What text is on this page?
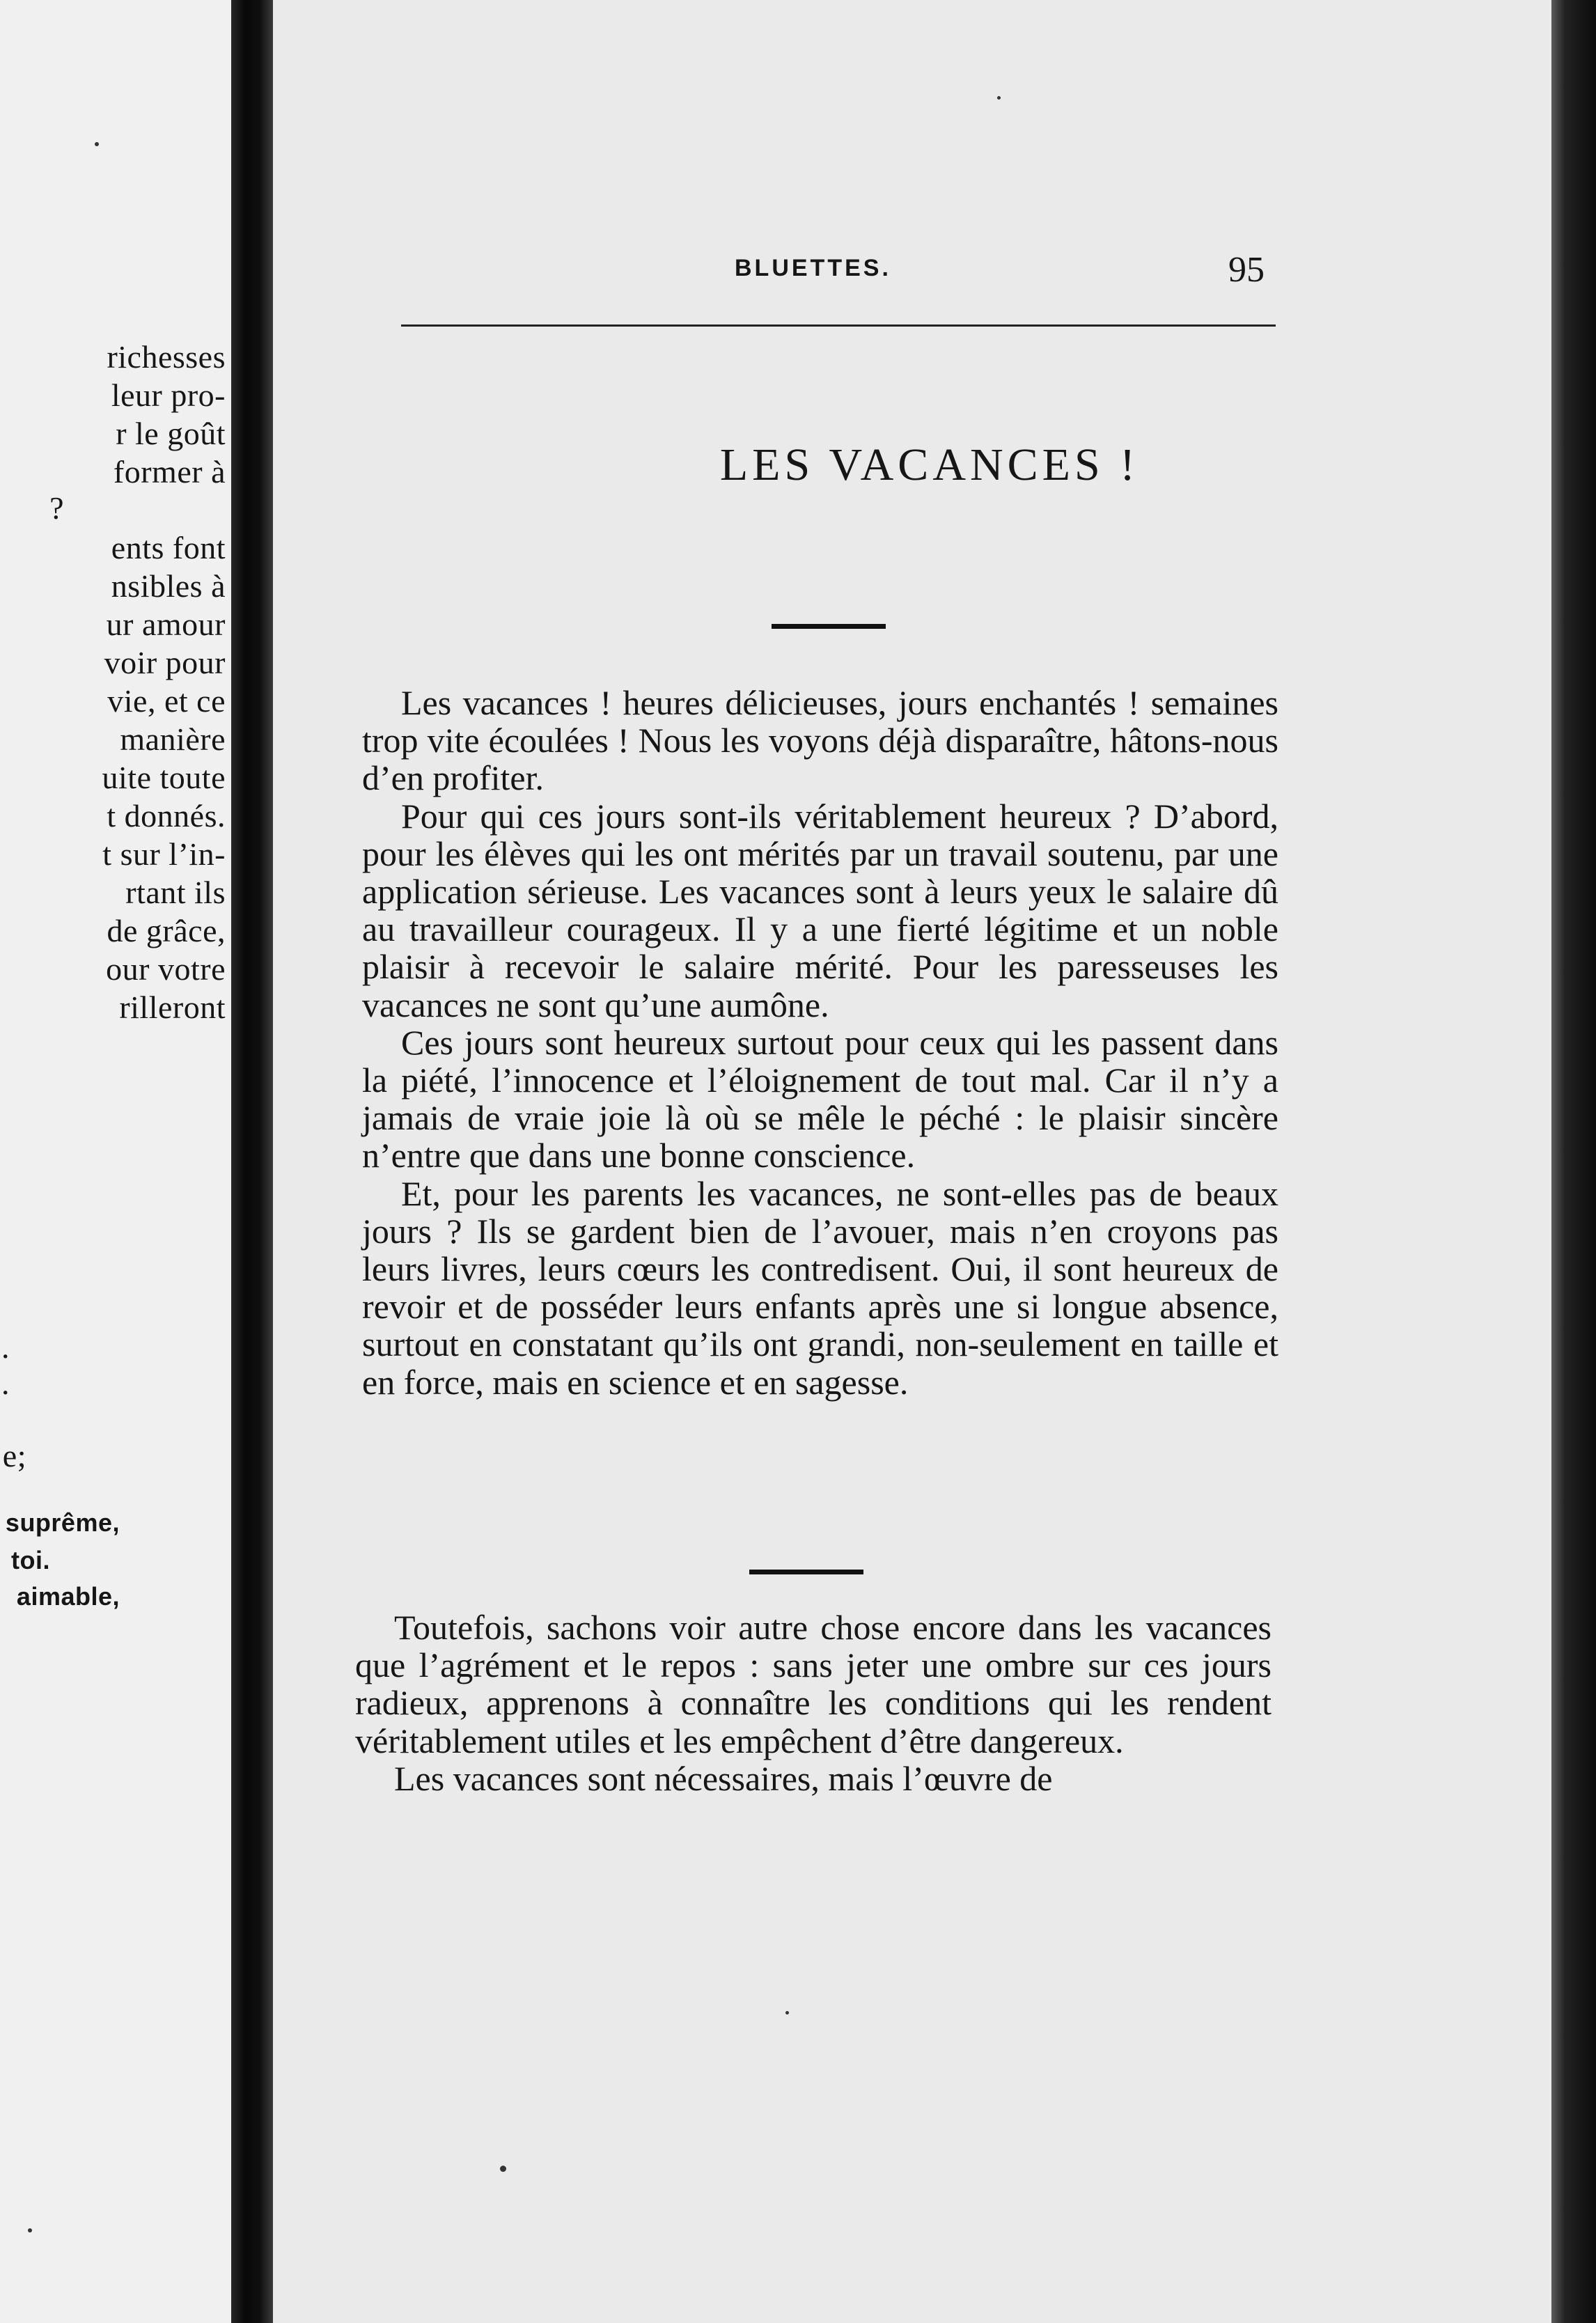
richesses
leur pro-
r le goût
former à
?
ents font
nsibles à
ur amour
voir pour
vie, et ce
manière
uite toute
t donnés.
t sur l’in-
rtant ils
de grâce,
our votre
rilleront
.
.
e;
suprême,
toi.
aimable,
BLUETTES.	95
LES VACANCES !

Les vacances ! heures délicieuses, jours enchantés ! semaines trop vite écoulées ! Nous les voyons déjà disparaître, hâtons-nous d’en profiter.

Pour qui ces jours sont-ils véritablement heureux ? D’abord, pour les élèves qui les ont mérités par un travail soutenu, par une application sérieuse. Les vacances sont à leurs yeux le salaire dû au travailleur courageux. Il y a une fierté légitime et un noble plaisir à recevoir le salaire mérité. Pour les paresseuses les vacances ne sont qu’une aumône.

Ces jours sont heureux surtout pour ceux qui les passent dans la piété, l’innocence et l’éloignement de tout mal. Car il n’y a jamais de vraie joie là où se mêle le péché : le plaisir sincère n’entre que dans une bonne conscience.

Et, pour les parents les vacances, ne sont-elles pas de beaux jours ? Ils se gardent bien de l’avouer, mais n’en croyons pas leurs livres, leurs cœurs les contredisent. Oui, il sont heureux de revoir et de posséder leurs enfants après une si longue absence, surtout en constatant qu’ils ont grandi, non-seulement en taille et en force, mais en science et en sagesse.

Toutefois, sachons voir autre chose encore dans les vacances que l’agrément et le repos : sans jeter une ombre sur ces jours radieux, apprenons à connaître les conditions qui les rendent véritablement utiles et les empêchent d’être dangereux.

Les vacances sont nécessaires, mais l’œuvre de
